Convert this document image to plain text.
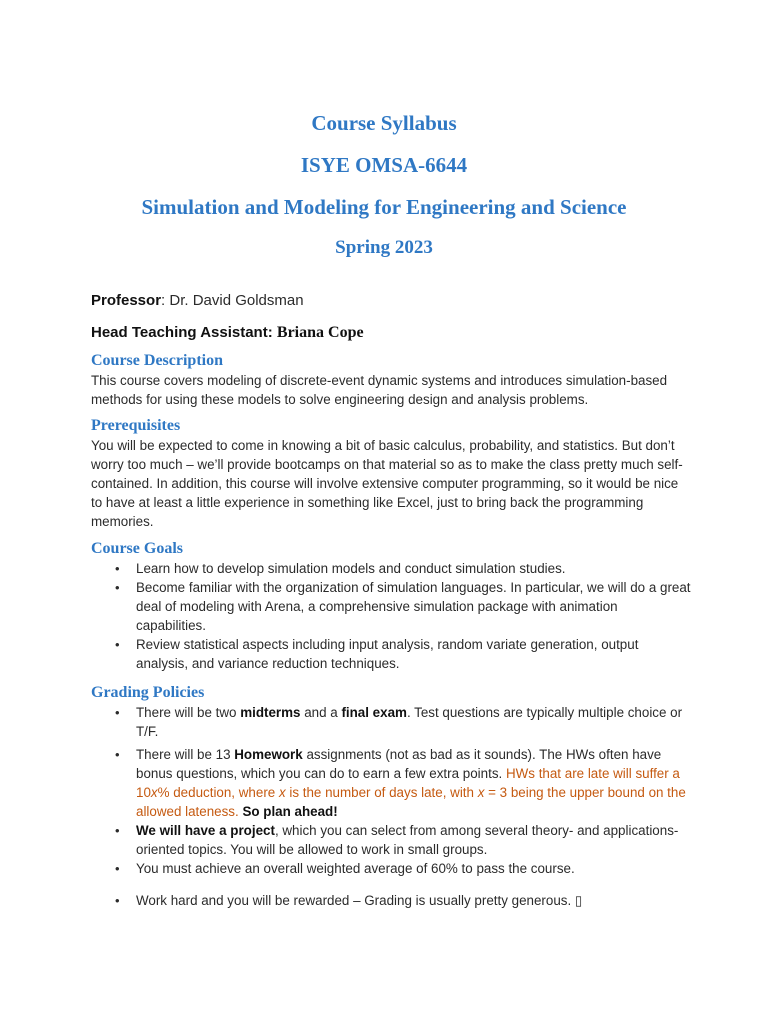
Course Syllabus

ISYE OMSA-6644

Simulation and Modeling for Engineering and Science

Spring 2023

Professor: Dr. David Goldsman

Head Teaching Assistant: Briana Cope

Course Description

This course covers modeling of discrete-event dynamic systems and introduces simulation-based methods for using these models to solve engineering design and analysis problems.

Prerequisites

You will be expected to come in knowing a bit of basic calculus, probability, and statistics. But don’t worry too much – we’ll provide bootcamps on that material so as to make the class pretty much self-contained. In addition, this course will involve extensive computer programming, so it would be nice to have at least a little experience in something like Excel, just to bring back the programming memories.

Course Goals
• Learn how to develop simulation models and conduct simulation studies.
• Become familiar with the organization of simulation languages. In particular, we will do a great deal of modeling with Arena, a comprehensive simulation package with animation capabilities.
• Review statistical aspects including input analysis, random variate generation, output analysis, and variance reduction techniques.
Grading Policies
• There will be two midterms and a final exam. Test questions are typically multiple choice or T/F.
• There will be 13 Homework assignments (not as bad as it sounds). The HWs often have bonus questions, which you can do to earn a few extra points. HWs that are late will suffer a 10x% deduction, where x is the number of days late, with x = 3 being the upper bound on the allowed lateness. So plan ahead!
• We will have a project, which you can select from among several theory- and applications-oriented topics. You will be allowed to work in small groups.
• You must achieve an overall weighted average of 60% to pass the course.
• Work hard and you will be rewarded – Grading is usually pretty generous. ▯
